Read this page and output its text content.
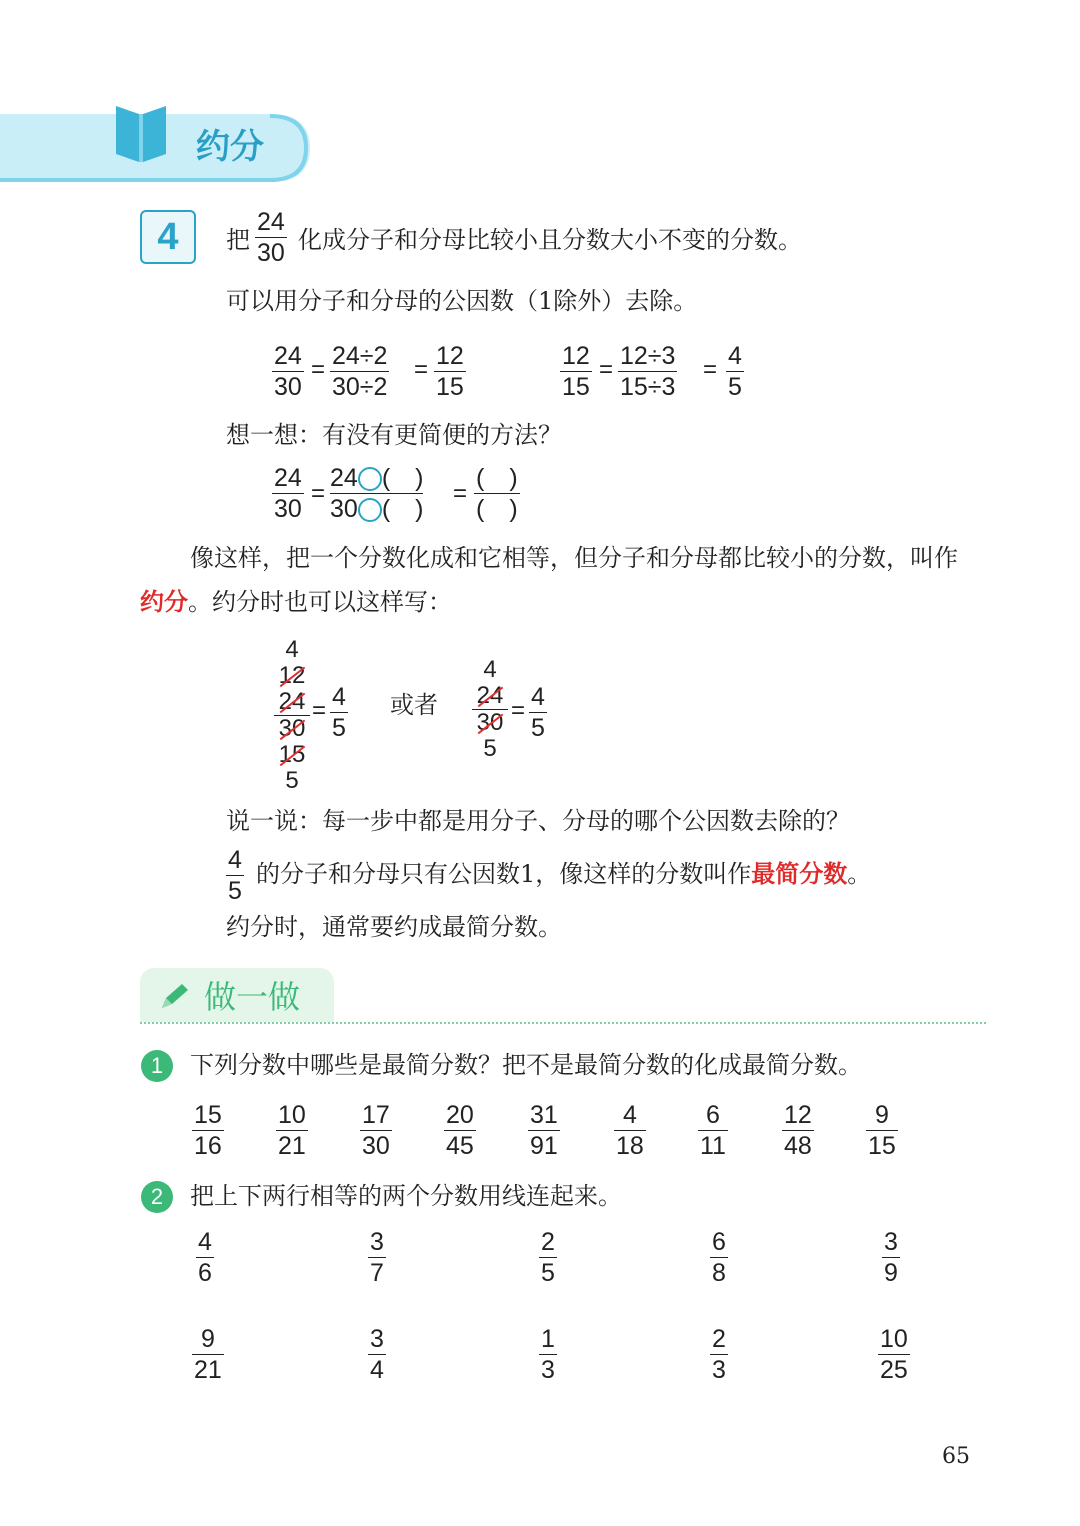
约分
4 把
24
30 化成分子和分母比较小且分数大小不变的分数。
可以用分子和分母的公因数（1除外）去除。
24
30
= 24÷2
30÷2
= 12
15
12
15
= 12÷3
15÷3
= 4
5
想一想：有没有更简便的方法？
24
30
=
24 (　)
30 (　)
=
(　)
(　)
像这样，把一个分数化成和它相等，但分子和分母都比较小的分数，叫作
约分。约分时也可以这样写：
4
12
24
30
15
5
= 4
5
或者
4
24
30
5
= 4
5
说一说：每一步中都是用分子、分母的哪个公因数去除的？
4
5
的分子和分母只有公因数1，像这样的分数叫作最简分数。
约分时，通常要约成最简分数。
做一做
1	下列分数中哪些是最简分数？把不是最简分数的化成最简分数。
15
16
10
21
17
30
20
45
31
91
4
18
6
11
12
48
9
15
2	把上下两行相等的两个分数用线连起来。
4
6
3
7
2
5
6
8
3
9
9
21
3
4
1
3
2
3
10
25
65
